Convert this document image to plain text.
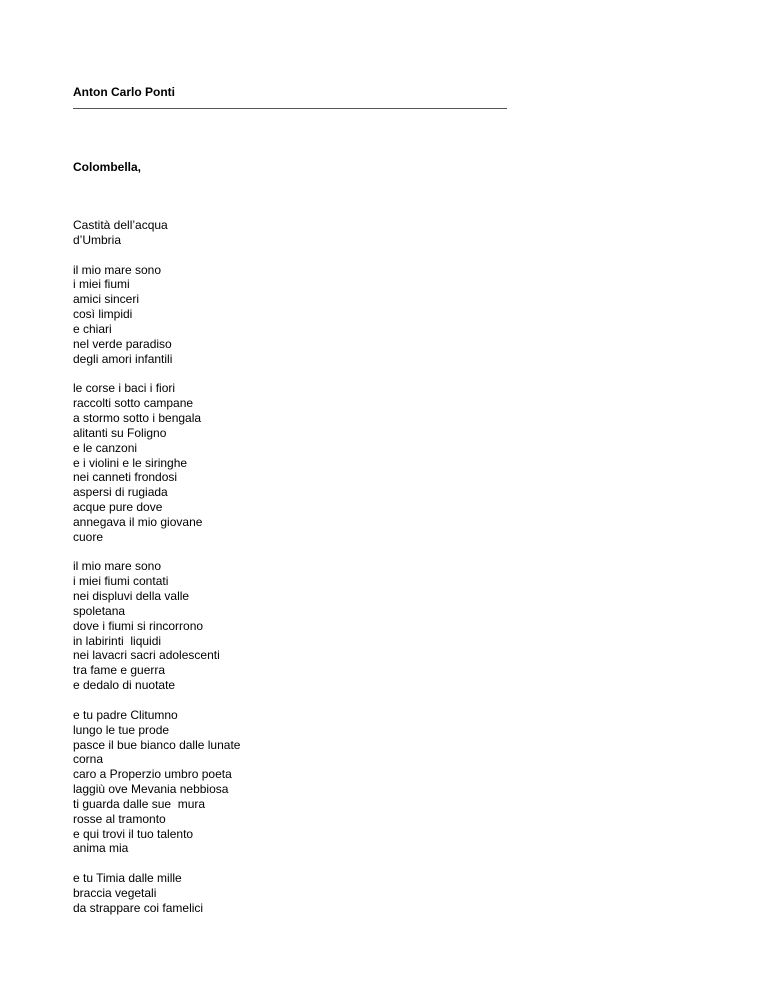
Anton Carlo Ponti
Colombella,
Castità dell’acqua
d’Umbria
il mio mare sono
i miei fiumi
amici sinceri
così limpidi
e chiari
nel verde paradiso
degli amori infantili
le corse i baci i fiori
raccolti sotto campane
a stormo sotto i bengala
alitanti su Foligno
e le canzoni
e i violini e le siringhe
nei canneti frondosi
aspersi di rugiada
acque pure dove
annegava il mio giovane
cuore
il mio mare sono
i miei fiumi contati
nei displuvi della valle
spoletana
dove i fiumi si rincorrono
in labirinti  liquidi
nei lavacri sacri adolescenti
tra fame e guerra
e dedalo di nuotate
e tu padre Clitumno
lungo le tue prode
pasce il bue bianco dalle lunate
corna
caro a Properzio umbro poeta
laggiù ove Mevania nebbiosa
ti guarda dalle sue  mura
rosse al tramonto
e qui trovi il tuo talento
anima mia
e tu Timia dalle mille
braccia vegetali
da strappare coi famelici
